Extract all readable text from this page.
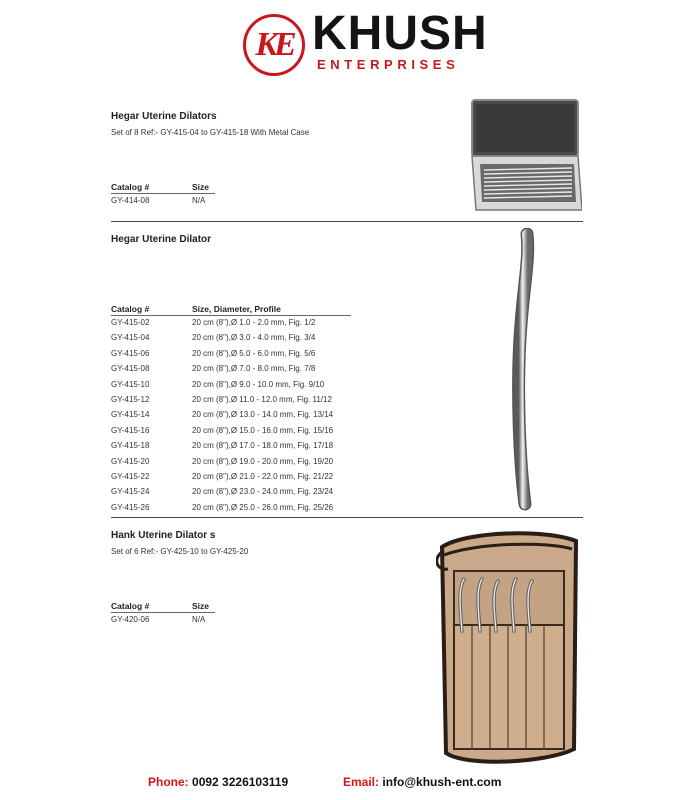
KE KHUSH
ENTERPRISES
Hegar Uterine Dilators
Set of 8 Ref:- GY-415-04 to GY-415-18 With Metal Case
Catalog #	Size
GY-414-08	N/A
Hegar Uterine Dilator
Catalog #	Size, Diameter, Profile
GY-415-02	20 cm (8"),Ø 1.0 - 2.0 mm, Fig. 1/2
GY-415-04	20 cm (8"),Ø 3.0 - 4.0 mm, Fig. 3/4
GY-415-06	20 cm (8"),Ø 5.0 - 6.0 mm, Fig. 5/6
GY-415-08	20 cm (8"),Ø 7.0 - 8.0 mm, Fig. 7/8
GY-415-10	20 cm (8"),Ø 9.0 - 10.0 mm, Fig. 9/10
GY-415-12	20 cm (8"),Ø 11.0 - 12.0 mm, Fig. 11/12
GY-415-14	20 cm (8"),Ø 13.0 - 14.0 mm, Fig. 13/14
GY-415-16	20 cm (8"),Ø 15.0 - 16.0 mm, Fig. 15/16
GY-415-18	20 cm (8"),Ø 17.0 - 18.0 mm, Fig. 17/18
GY-415-20	20 cm (8"),Ø 19.0 - 20.0 mm, Fig. 19/20
GY-415-22	20 cm (8"),Ø 21.0 - 22.0 mm, Fig. 21/22
GY-415-24	20 cm (8"),Ø 23.0 - 24.0 mm, Fig. 23/24
GY-415-26	20 cm (8"),Ø 25.0 - 26.0 mm, Fig. 25/26
Hank Uterine Dilator s
Set of 6 Ref:- GY-425-10 to GY-425-20
Catalog #	Size
GY-420-06	N/A
Phone: 0092 3226103119	Email: info@khush-ent.com
